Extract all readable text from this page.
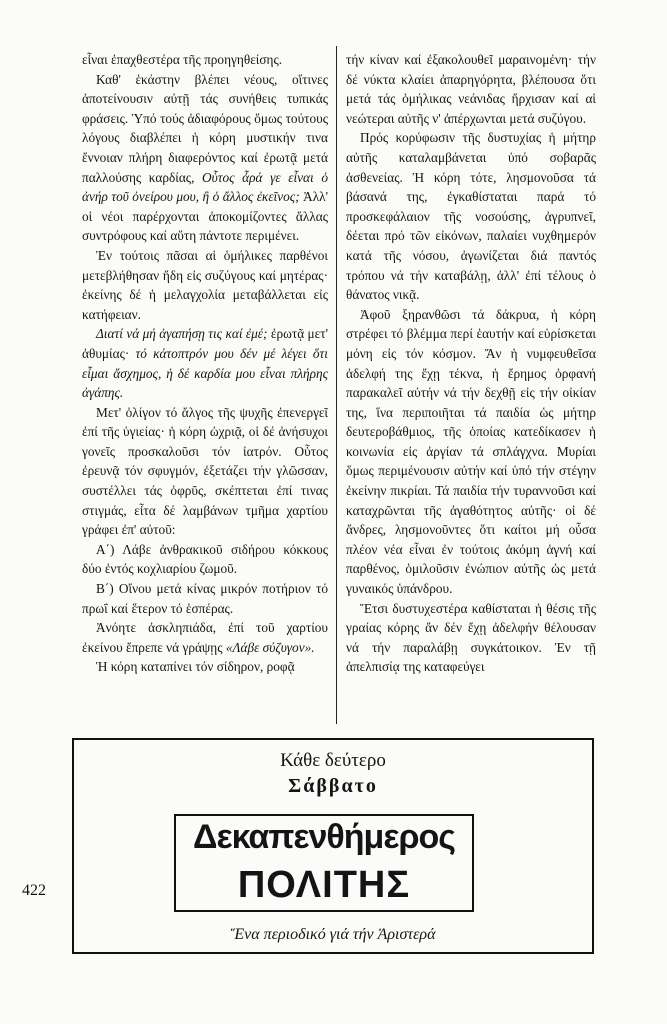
εἶναι ἐπαχθεστέρα τῆς προηγηθείσης.

Καθ' ἑκάστην βλέπει νέους, οἵτινες ἀποτείνουσιν αὐτῇ τάς συνήθεις τυπικάς φράσεις. Ὑπό τούς ἀδιαφόρους ὅμως τούτους λόγους διαβλέπει ἡ κόρη μυστικήν τινα ἔννοιαν πλήρη διαφερόντος καί ἐρωτᾷ μετά παλλούσης καρδίας, Οὗτος ἆρά γε εἶναι ὁ ἀνήρ τοῦ ὀνείρου μου, ἢ ὁ ἄλλος ἐκεῖνος; Ἀλλ' οἱ νέοι παρέρχονται ἀποκομίζοντες ἄλλας συντρόφους καί αὕτη πάντοτε περιμένει.

Ἐν τούτοις πᾶσαι αἱ ὁμήλικες παρθένοι μετεβλήθησαν ἤδη εἰς συζύγους καί μητέρας· ἐκείνης δέ ἡ μελαγχολία μεταβάλλεται εἰς κατήφειαν.

Διατί νά μή ἀγαπήσῃ τις καί ἐμέ; ἐρωτᾷ μετ' ἀθυμίας· τό κάτοπτρόν μου δέν μέ λέγει ὅτι εἶμαι ἄσχημος, ἡ δέ καρδία μου εἶναι πλήρης ἀγάπης.

Μετ' ὀλίγον τό ἄλγος τῆς ψυχῆς ἐπενεργεῖ ἐπί τῆς ὑγιείας· ἡ κόρη ὠχριᾷ, οἱ δέ ἀνήσυχοι γονεῖς προσκαλοῦσι τόν ἰατρόν. Οὗτος ἐρευνᾷ τόν σφυγμόν, ἐξετάζει τήν γλῶσσαν, συστέλλει τάς ὀφρῦς, σκέπτεται ἐπί τινας στιγμάς, εἶτα δέ λαμβάνων τμῆμα χαρτίου γράφει ἐπ' αὐτοῦ:

Α΄) Λάβε ἀνθρακικοῦ σιδήρου κόκκους δύο ἐντός κοχλιαρίου ζωμοῦ.

Β΄) Οἴνου μετά κίνας μικρόν ποτήριον τό πρωΐ καί ἕτερον τό ἑσπέρας.

Ἀνόητε ἀσκληπιάδα, ἐπί τοῦ χαρτίου ἐκείνου ἔπρεπε νά γράψῃς «Λάβε σύζυγον».

Ἡ κόρη καταπίνει τόν σίδηρον, ροφᾷ

τήν κίναν καί ἐξακολουθεῖ μαραινομένη· τήν δέ νύκτα κλαίει ἀπαρηγόρητα, βλέπουσα ὅτι μετά τάς ὁμήλικας νεάνιδας ἤρχισαν καί αἱ νεώτεραι αὐτῆς ν' ἀπέρχωνται μετά συζύγου.

Πρός κορύφωσιν τῆς δυστυχίας ἡ μήτηρ αὐτῆς καταλαμβάνεται ὑπό σοβαρᾶς ἀσθενείας. Ἡ κόρη τότε, λησμονοῦσα τά βάσανά της, ἐγκαθίσταται παρά τό προσκεφάλαιον τῆς νοσούσης, ἀγρυπνεῖ, δέεται πρό τῶν εἰκόνων, παλαίει νυχθημερόν κατά τῆς νόσου, ἀγωνίζεται διά παντός τρόπου νά τήν καταβάλῃ, ἀλλ' ἐπί τέλους ὁ θάνατος νικᾷ.

Ἀφοῦ ξηρανθῶσι τά δάκρυα, ἡ κόρη στρέφει τό βλέμμα περί ἑαυτήν καί εὑρίσκεται μόνη εἰς τόν κόσμον. Ἄν ἡ νυμφευθεῖσα ἀδελφή της ἔχῃ τέκνα, ἡ ἔρημος ὀρφανή παρακαλεῖ αὐτήν νά τήν δεχθῇ εἰς τήν οἰκίαν της, ἵνα περιποιῆται τά παιδία ὡς μήτηρ δευτεροβάθμιος, τῆς ὁποίας κατεδίκασεν ἡ κοινωνία εἰς ἀργίαν τά σπλάγχνα. Μυρίαι ὅμως περιμένουσιν αὐτήν καί ὑπό τήν στέγην ἐκείνην πικρίαι. Τά παιδία τήν τυραννοῦσι καί καταχρῶνται τῆς ἀγαθότητος αὐτῆς· οἱ δέ ἄνδρες, λησμονοῦντες ὅτι καίτοι μή οὖσα πλέον νέα εἶναι ἐν τούτοις ἀκόμη ἁγνή καί παρθένος, ὁμιλοῦσιν ἐνώπιον αὐτῆς ὡς μετά γυναικός ὑπάνδρου.

Ἔτσι δυστυχεστέρα καθίσταται ἡ θέσις τῆς γραίας κόρης ἄν δέν ἔχῃ ἀδελφήν θέλουσαν νά τήν παραλάβῃ συγκάτοικον. Ἐν τῇ ἀπελπισίᾳ της καταφεύγει

422
Κάθε δεύτερο
Σάββατο
Δεκαπενθήμερος
ΠΟΛΙΤΗΣ
Ἕνα περιοδικό γιά τήν Ἀριστερά
